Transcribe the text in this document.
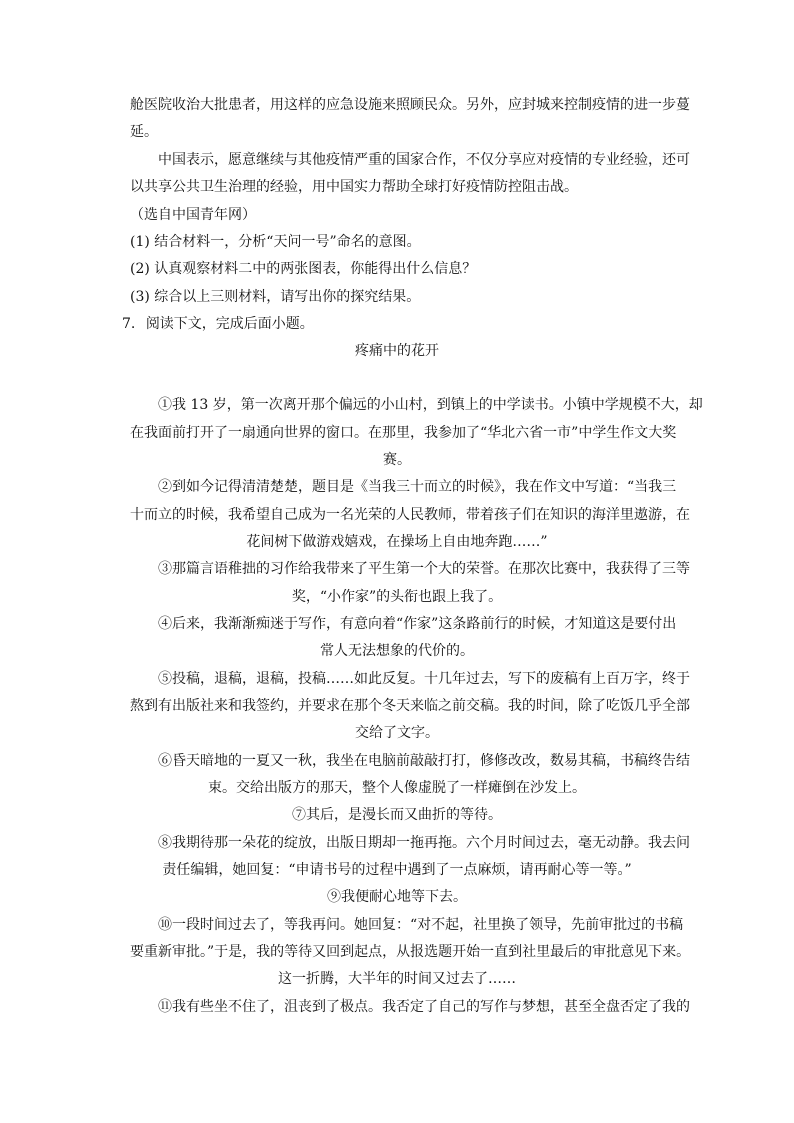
舱医院收治大批患者，用这样的应急设施来照顾民众。另外，应封城来控制疫情的进一步蔓
延。
中国表示，愿意继续与其他疫情严重的国家合作，不仅分享应对疫情的专业经验，还可
以共享公共卫生治理的经验，用中国实力帮助全球打好疫情防控阻击战。
（选自中国青年网）
(1) 结合材料一，分析“天问一号”命名的意图。
(2) 认真观察材料二中的两张图表，你能得出什么信息？
(3) 综合以上三则材料，请写出你的探究结果。
7. 阅读下文，完成后面小题。
疼痛中的花开
①我 13 岁，第一次离开那个偏远的小山村，到镇上的中学读书。小镇中学规模不大，却
在我面前打开了一扇通向世界的窗口。在那里，我参加了“华北六省一市”中学生作文大奖
赛。
②到如今记得清清楚楚，题目是《当我三十而立的时候》，我在作文中写道：“当我三
十而立的时候，我希望自己成为一名光荣的人民教师，带着孩子们在知识的海洋里遨游，在
花间树下做游戏嬉戏，在操场上自由地奔跑……”
③那篇言语稚拙的习作给我带来了平生第一个大的荣誉。在那次比赛中，我获得了三等
奖，“小作家”的头衔也跟上我了。
④后来，我渐渐痴迷于写作，有意向着“作家”这条路前行的时候，才知道这是要付出
常人无法想象的代价的。
⑤投稿，退稿，退稿，投稿……如此反复。十几年过去，写下的废稿有上百万字，终于
熬到有出版社来和我签约，并要求在那个冬天来临之前交稿。我的时间，除了吃饭几乎全部
交给了文字。
⑥昏天暗地的一夏又一秋，我坐在电脑前敲敲打打，修修改改，数易其稿，书稿终告结
束。交给出版方的那天，整个人像虚脱了一样瘫倒在沙发上。
⑦其后，是漫长而又曲折的等待。
⑧我期待那一朵花的绽放，出版日期却一拖再拖。六个月时间过去，毫无动静。我去问
责任编辑，她回复：“申请书号的过程中遇到了一点麻烦，请再耐心等一等。”
⑨我便耐心地等下去。
⑩一段时间过去了，等我再问。她回复：“对不起，社里换了领导，先前审批过的书稿
要重新审批。”于是，我的等待又回到起点，从报选题开始一直到社里最后的审批意见下来。
这一折腾，大半年的时间又过去了……
⑪我有些坐不住了，沮丧到了极点。我否定了自己的写作与梦想，甚至全盘否定了我的
